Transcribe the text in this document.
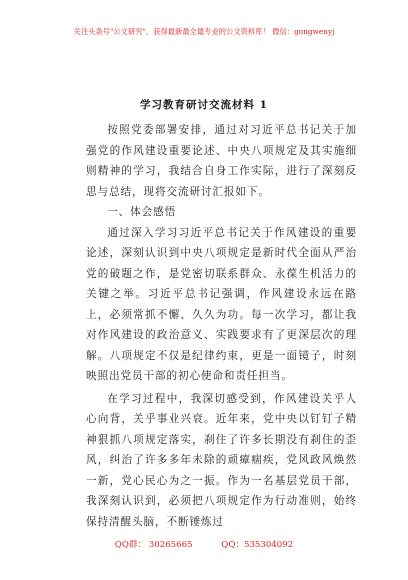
关注头条号"公文研究"，获得最新最全最专业的公文资料库！ 微信：gongwenyj
学习教育研讨交流材料 1

按照党委部署安排，通过对习近平总书记关于加强党的作风建设重要论述、中央八项规定及其实施细则精神的学习，我结合自身工作实际，进行了深刻反思与总结，现将交流研讨汇报如下。

一、体会感悟

通过深入学习习近平总书记关于作风建设的重要论述，深刻认识到中央八项规定是新时代全面从严治党的破题之作，是党密切联系群众、永葆生机活力的关键之举。习近平总书记强调，作风建设永远在路上，必须常抓不懈、久久为功。每一次学习，都让我对作风建设的政治意义、实践要求有了更深层次的理解。八项规定不仅是纪律约束，更是一面镜子，时刻映照出党员干部的初心使命和责任担当。

在学习过程中，我深切感受到，作风建设关乎人心向背，关乎事业兴衰。近年来，党中央以钉钉子精神狠抓八项规定落实，刹住了许多长期没有刹住的歪风，纠治了许多多年未除的顽瘴痼疾，党风政风焕然一新，党心民心为之一振。作为一名基层党员干部，我深刻认识到，必须把八项规定作为行动准则，始终保持清醒头脑，不断锤炼过

QQ群： 30265665	QQ：535304092
